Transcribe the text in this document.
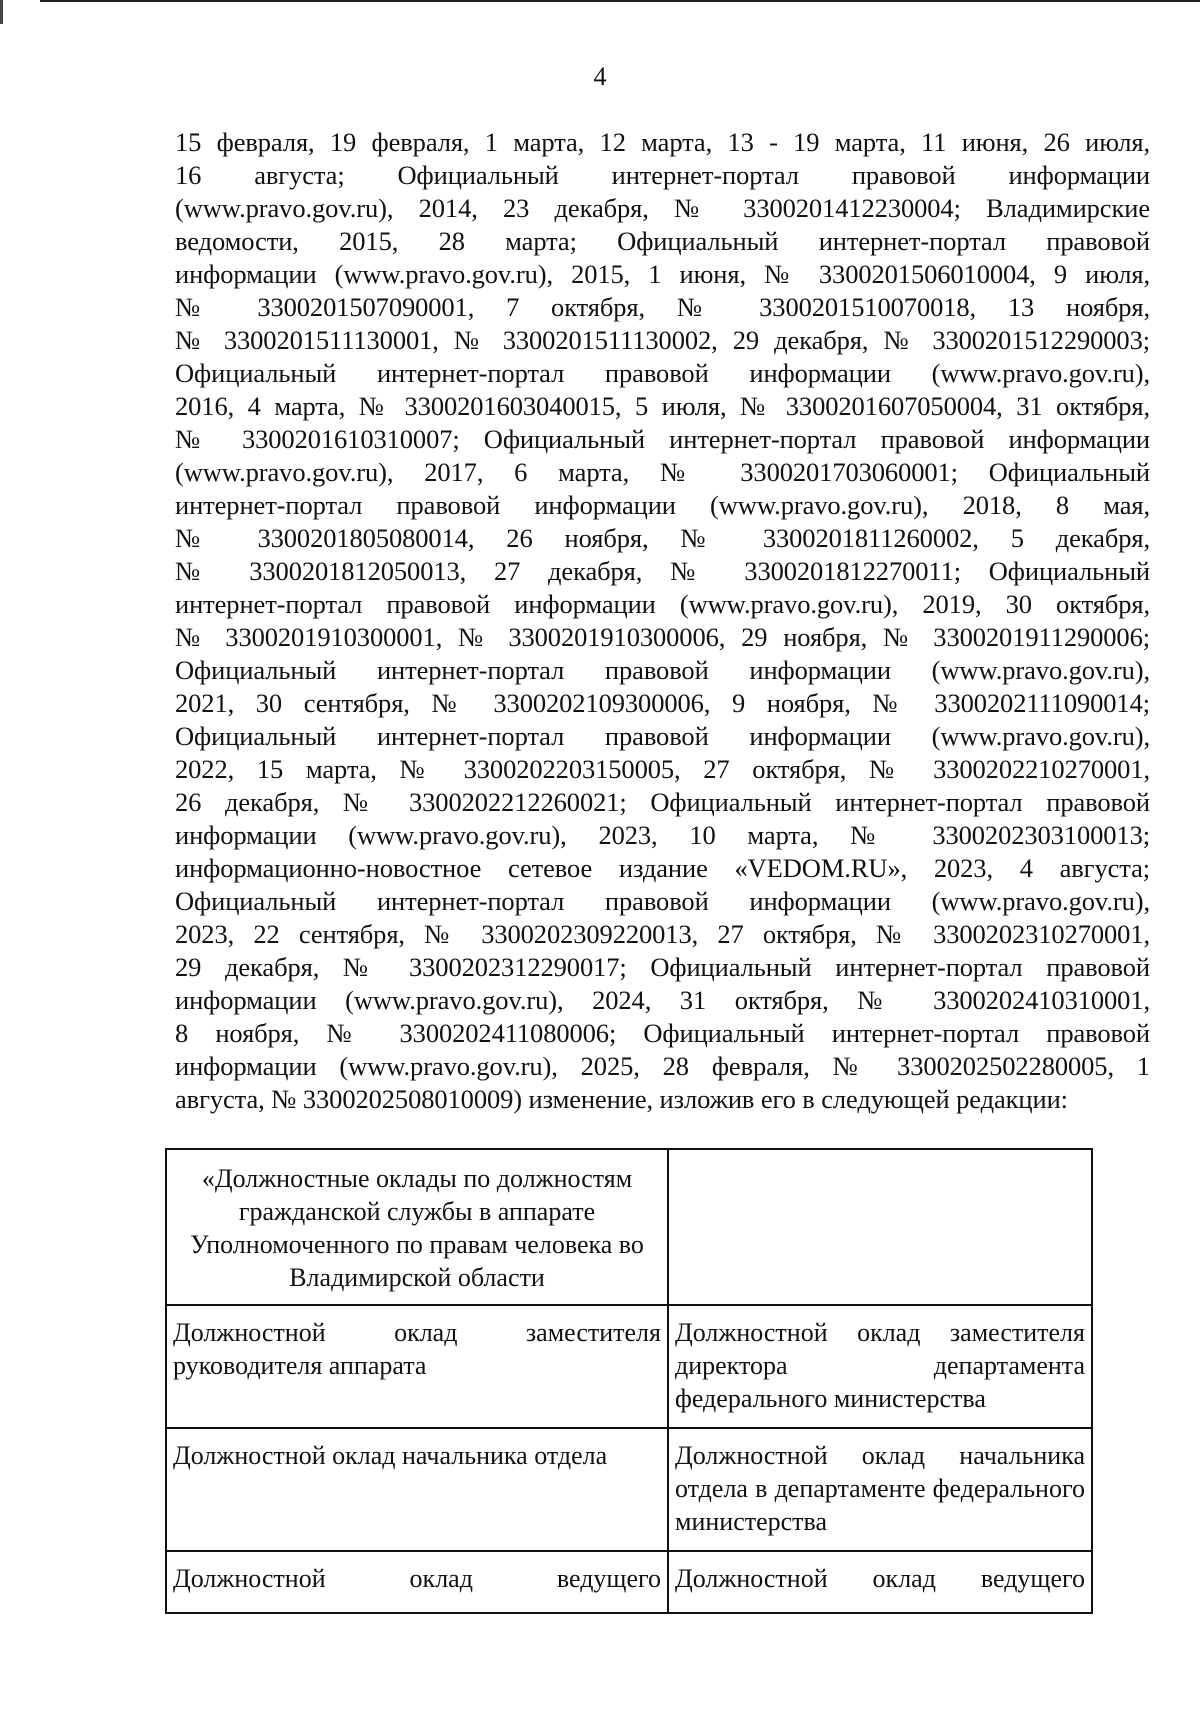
4
15 февраля, 19 февраля, 1 марта, 12 марта, 13 - 19 марта, 11 июня, 26 июля,
16 августа; Официальный интернет-портал правовой информации
(www.pravo.gov.ru), 2014, 23 декабря, № 3300201412230004; Владимирские
ведомости, 2015, 28 марта; Официальный интернет-портал правовой
информации (www.pravo.gov.ru), 2015, 1 июня, № 3300201506010004, 9 июля,
№ 3300201507090001, 7 октября, № 3300201510070018, 13 ноября,
№ 3300201511130001, № 3300201511130002, 29 декабря, № 3300201512290003;
Официальный интернет-портал правовой информации (www.pravo.gov.ru),
2016, 4 марта, № 3300201603040015, 5 июля, № 3300201607050004, 31 октября,
№ 3300201610310007; Официальный интернет-портал правовой информации
(www.pravo.gov.ru), 2017, 6 марта, № 3300201703060001; Официальный
интернет-портал правовой информации (www.pravo.gov.ru), 2018, 8 мая,
№ 3300201805080014, 26 ноября, № 3300201811260002, 5 декабря,
№ 3300201812050013, 27 декабря, № 3300201812270011; Официальный
интернет-портал правовой информации (www.pravo.gov.ru), 2019, 30 октября,
№ 3300201910300001, № 3300201910300006, 29 ноября, № 3300201911290006;
Официальный интернет-портал правовой информации (www.pravo.gov.ru),
2021, 30 сентября, № 3300202109300006, 9 ноября, № 3300202111090014;
Официальный интернет-портал правовой информации (www.pravo.gov.ru),
2022, 15 марта, № 3300202203150005, 27 октября, № 3300202210270001,
26 декабря, № 3300202212260021; Официальный интернет-портал правовой
информации (www.pravo.gov.ru), 2023, 10 марта, № 3300202303100013;
информационно-новостное сетевое издание «VEDOM.RU», 2023, 4 августа;
Официальный интернет-портал правовой информации (www.pravo.gov.ru),
2023, 22 сентября, № 3300202309220013, 27 октября, № 3300202310270001,
29 декабря, № 3300202312290017; Официальный интернет-портал правовой
информации (www.pravo.gov.ru), 2024, 31 октября, № 3300202410310001,
8 ноября, № 3300202411080006; Официальный интернет-портал правовой
информации (www.pravo.gov.ru), 2025, 28 февраля, № 3300202502280005, 1
августа, № 3300202508010009) изменение, изложив его в следующей редакции:
«Должностные оклады по должностям гражданской службы в аппарате Уполномоченного по правам человека во Владимирской области	

Должностной оклад заместителя руководителя аппарата	Должностной оклад заместителя директора департамента федерального министерства

Должностной оклад начальника отдела	Должностной оклад начальника отдела в департаменте федерального министерства

Должностной оклад ведущего	Должностной оклад ведущего
